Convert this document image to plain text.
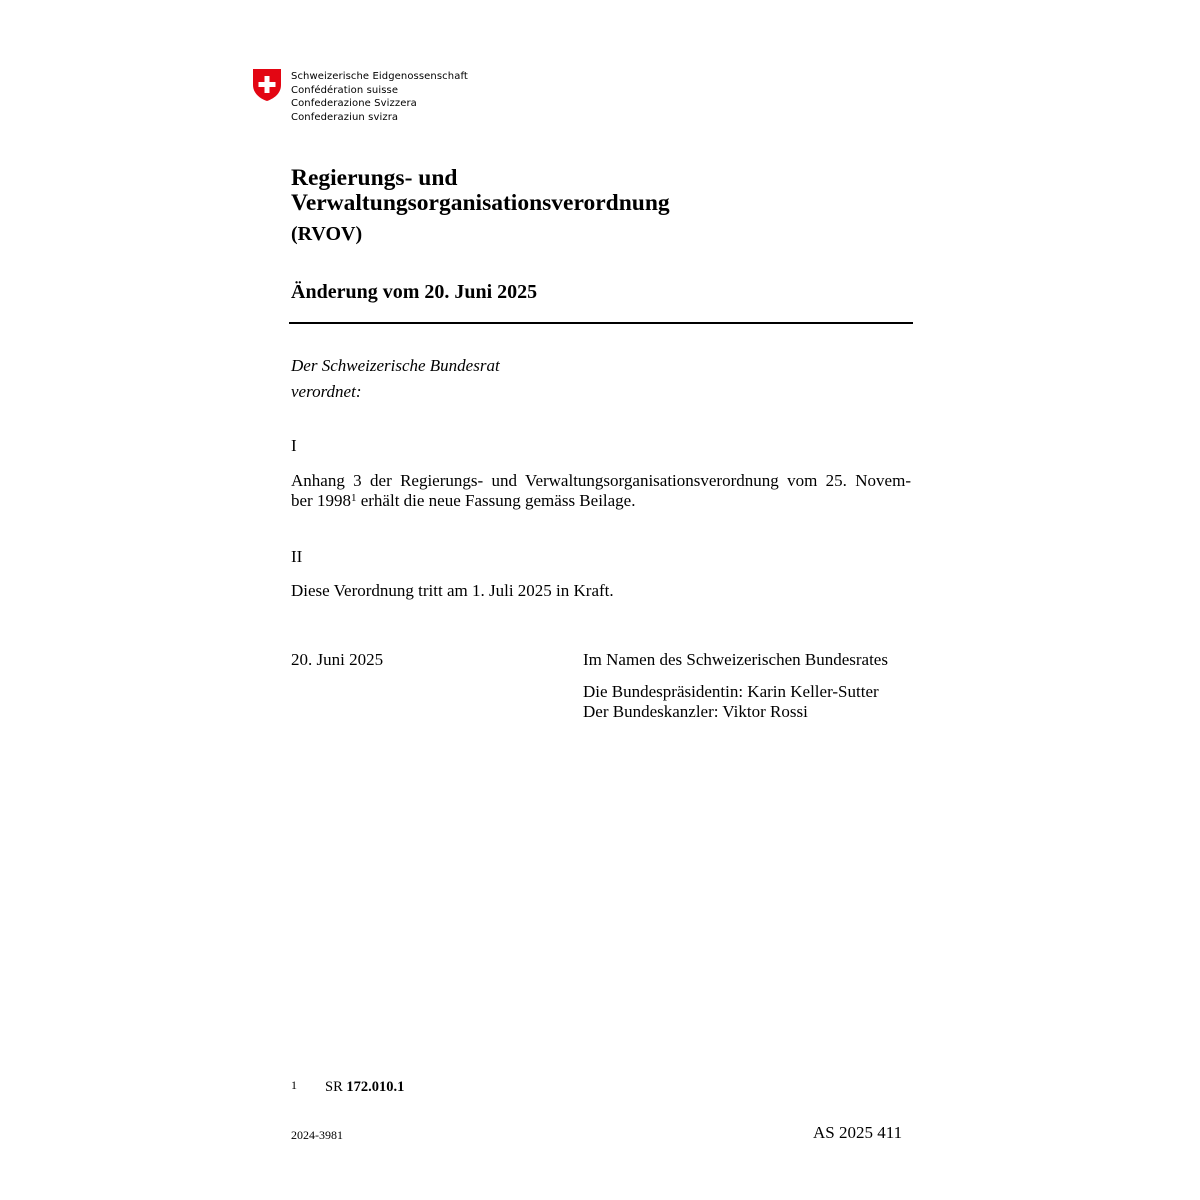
Schweizerische Eidgenossenschaft
Confédération suisse
Confederazione Svizzera
Confederaziun svizra
Regierungs- und
Verwaltungsorganisationsverordnung
(RVOV)
Änderung vom 20. Juni 2025
Der Schweizerische Bundesrat
verordnet:
I
Anhang 3 der Regierungs- und Verwaltungsorganisationsverordnung vom 25. Novem-
ber 1998$^1$ erhält die neue Fassung gemäss Beilage.
II
Diese Verordnung tritt am 1. Juli 2025 in Kraft.
20. Juni 2025	Im Namen des Schweizerischen Bundesrates
Die Bundespräsidentin: Karin Keller-Sutter
Der Bundeskanzler: Viktor Rossi
1 SR 172.010.1
2024-3981	AS 2025 411
